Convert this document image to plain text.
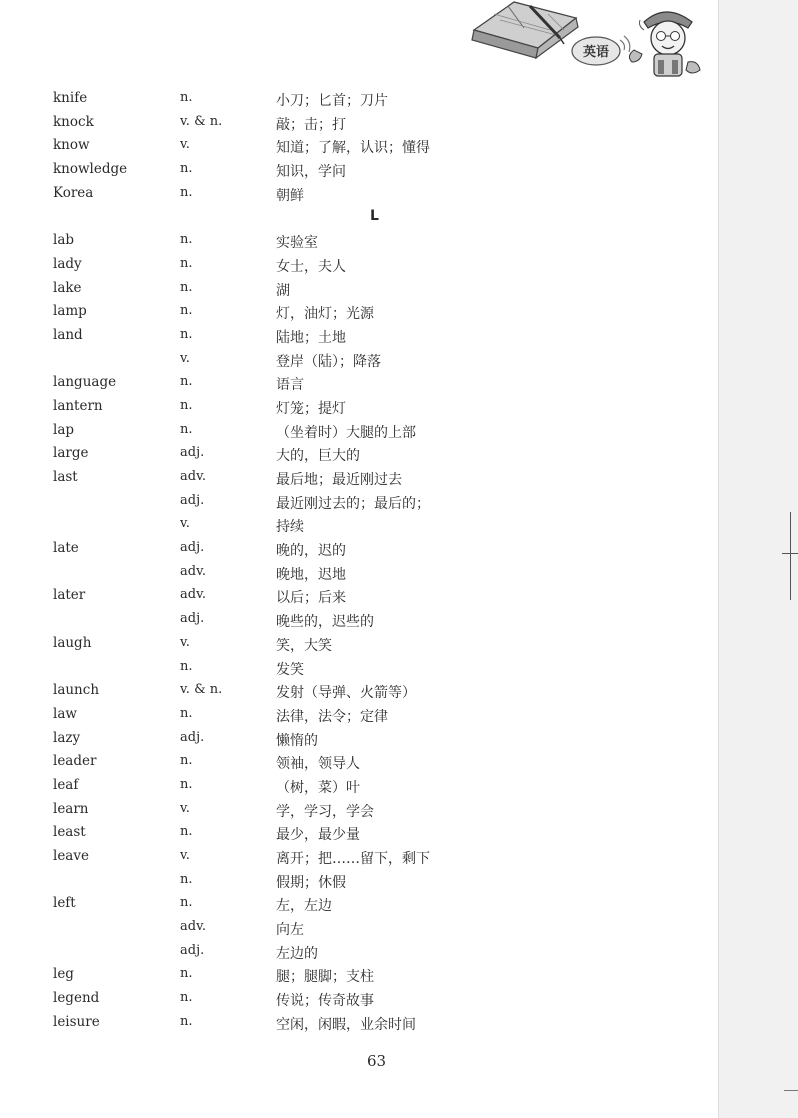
英语
knife	n.	小刀；匕首；刀片
knock	v. & n.	敲；击；打
know	v.	知道；了解，认识；懂得
knowledge	n.	知识，学问
Korea	n.	朝鲜
L
lab	n.	实验室
lady	n.	女士，夫人
lake	n.	湖
lamp	n.	灯，油灯；光源
land	n.	陆地；土地
v.	登岸（陆）；降落
language	n.	语言
lantern	n.	灯笼；提灯
lap	n.	（坐着时）大腿的上部
large	adj.	大的，巨大的
last	adv.	最后地；最近刚过去
adj.	最近刚过去的；最后的；
v.	持续
late	adj.	晚的，迟的
adv.	晚地，迟地
later	adv.	以后；后来
adj.	晚些的，迟些的
laugh	v.	笑，大笑
n.	发笑
launch	v. & n.	发射（导弹、火箭等）
law	n.	法律，法令；定律
lazy	adj.	懒惰的
leader	n.	领袖，领导人
leaf	n.	（树，菜）叶
learn	v.	学，学习，学会
least	n.	最少，最少量
leave	v.	离开；把……留下，剩下
n.	假期；休假
left	n.	左，左边
adv.	向左
adj.	左边的
leg	n.	腿；腿脚；支柱
legend	n.	传说；传奇故事
leisure	n.	空闲，闲暇，业余时间
63
